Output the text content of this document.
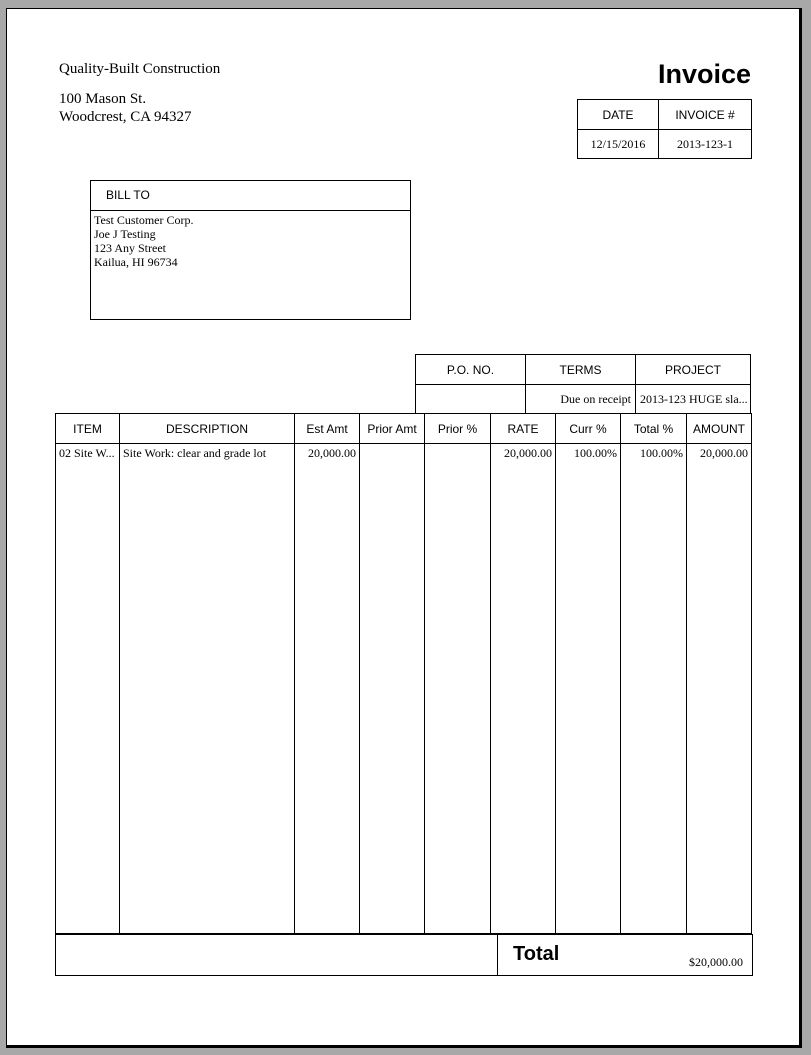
Quality-Built Construction
100 Mason St.
Woodcrest, CA 94327
Invoice
DATE	INVOICE #
12/15/2016	2013-123-1
BILL TO
Test Customer Corp.
Joe J Testing
123 Any Street
Kailua, HI 96734
P.O. NO.	TERMS	PROJECT
	Due on receipt	2013-123 HUGE sla...
ITEM	DESCRIPTION	Est Amt	Prior Amt	Prior %	RATE	Curr %	Total %	AMOUNT

02 Site W...	Site Work: clear and grade lot	20,000.00			20,000.00	100.00%	100.00%	20,000.00
Total	$20,000.00
